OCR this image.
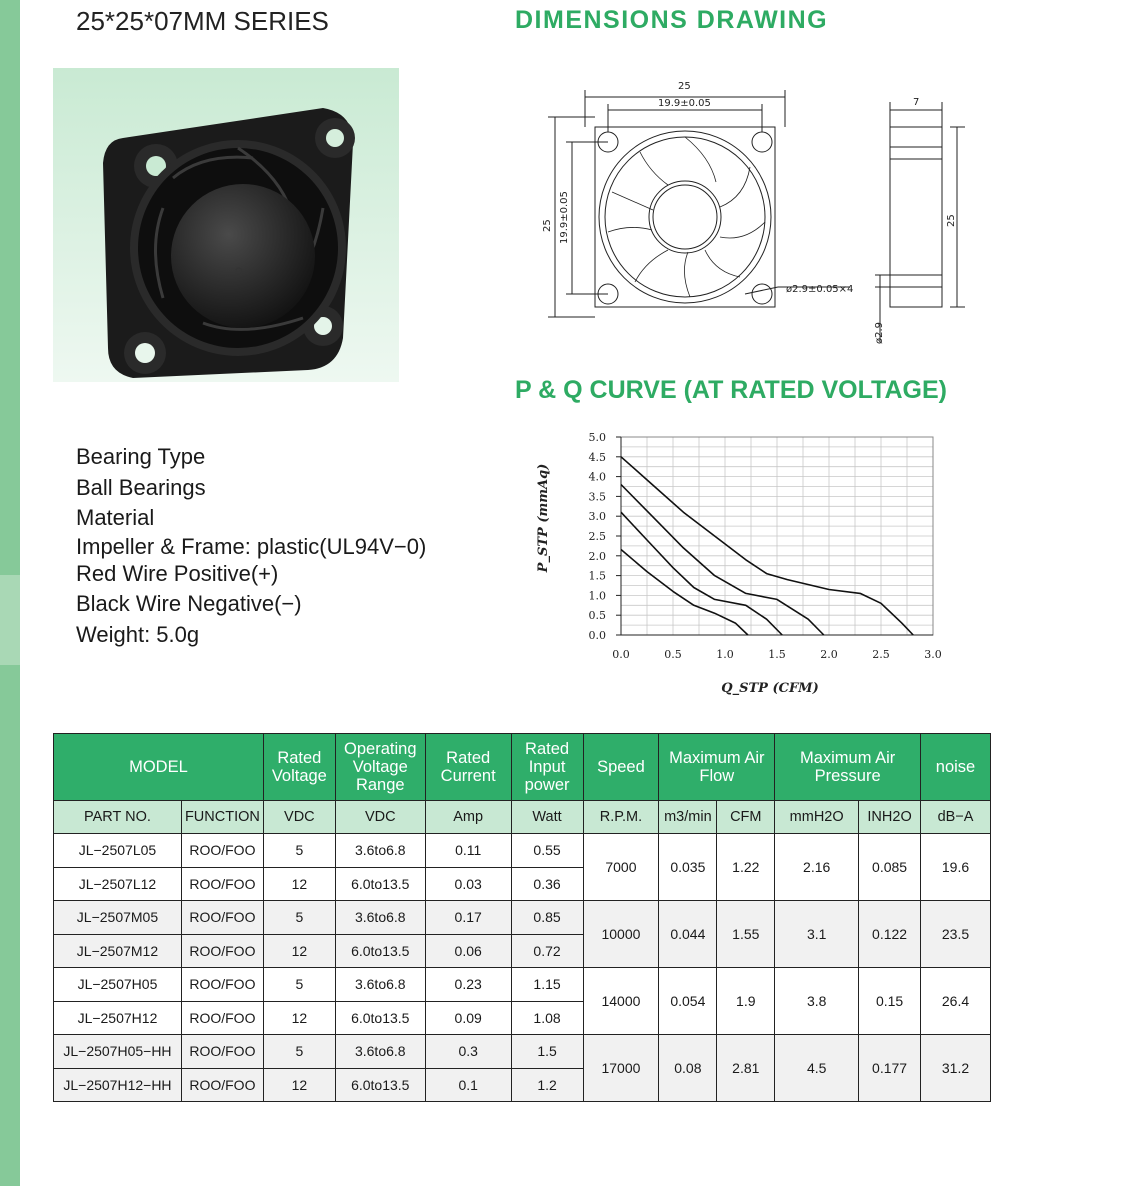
25*25*07MM SERIES	DIMENSIONS DRAWING
ↄ
Bearing Type
Ball Bearings
Material
Impeller & Frame: plastic(UL94V−0)
Red Wire Positive(+)
Black Wire Negative(−)
Weight: 5.0g
25
19.9±0.05
25 19.9±0.05
ø2.9±0.05×4
7
25
ø2.9
P & Q CURVE (AT RATED VOLTAGE)
0.0	0.5	1.0	1.5	2.0	2.5	3.0
0.0
0.5
1.0
1.5
2.0
2.5
3.0
3.5
4.0
4.5
5.0
Q_STP (CFM)
P_STP (mmAq)
MODEL		Rated Voltage	Operating Voltage Range	Rated Current	Rated Input power	Speed	Maximum Air Flow		Maximum Air Pressure		noise
PART NO.	FUNCTION	VDC	VDC	Amp	Watt	R.P.M.	m3/min	CFM	mmH2O	INH2O	dB−A
JL−2507L05	ROO/FOO	5	3.6to6.8	0.11	0.55	7000	0.035	1.22	2.16	0.085	19.6
JL−2507L12	ROO/FOO	12	6.0to13.5	0.03	0.36						
JL−2507M05	ROO/FOO	5	3.6to6.8	0.17	0.85	10000	0.044	1.55	3.1	0.122	23.5
JL−2507M12	ROO/FOO	12	6.0to13.5	0.06	0.72						
JL−2507H05	ROO/FOO	5	3.6to6.8	0.23	1.15	14000	0.054	1.9	3.8	0.15	26.4
JL−2507H12	ROO/FOO	12	6.0to13.5	0.09	1.08						
JL−2507H05−HH	ROO/FOO	5	3.6to6.8	0.3	1.5	17000	0.08	2.81	4.5	0.177	31.2
JL−2507H12−HH	ROO/FOO	12	6.0to13.5	0.1	1.2						
